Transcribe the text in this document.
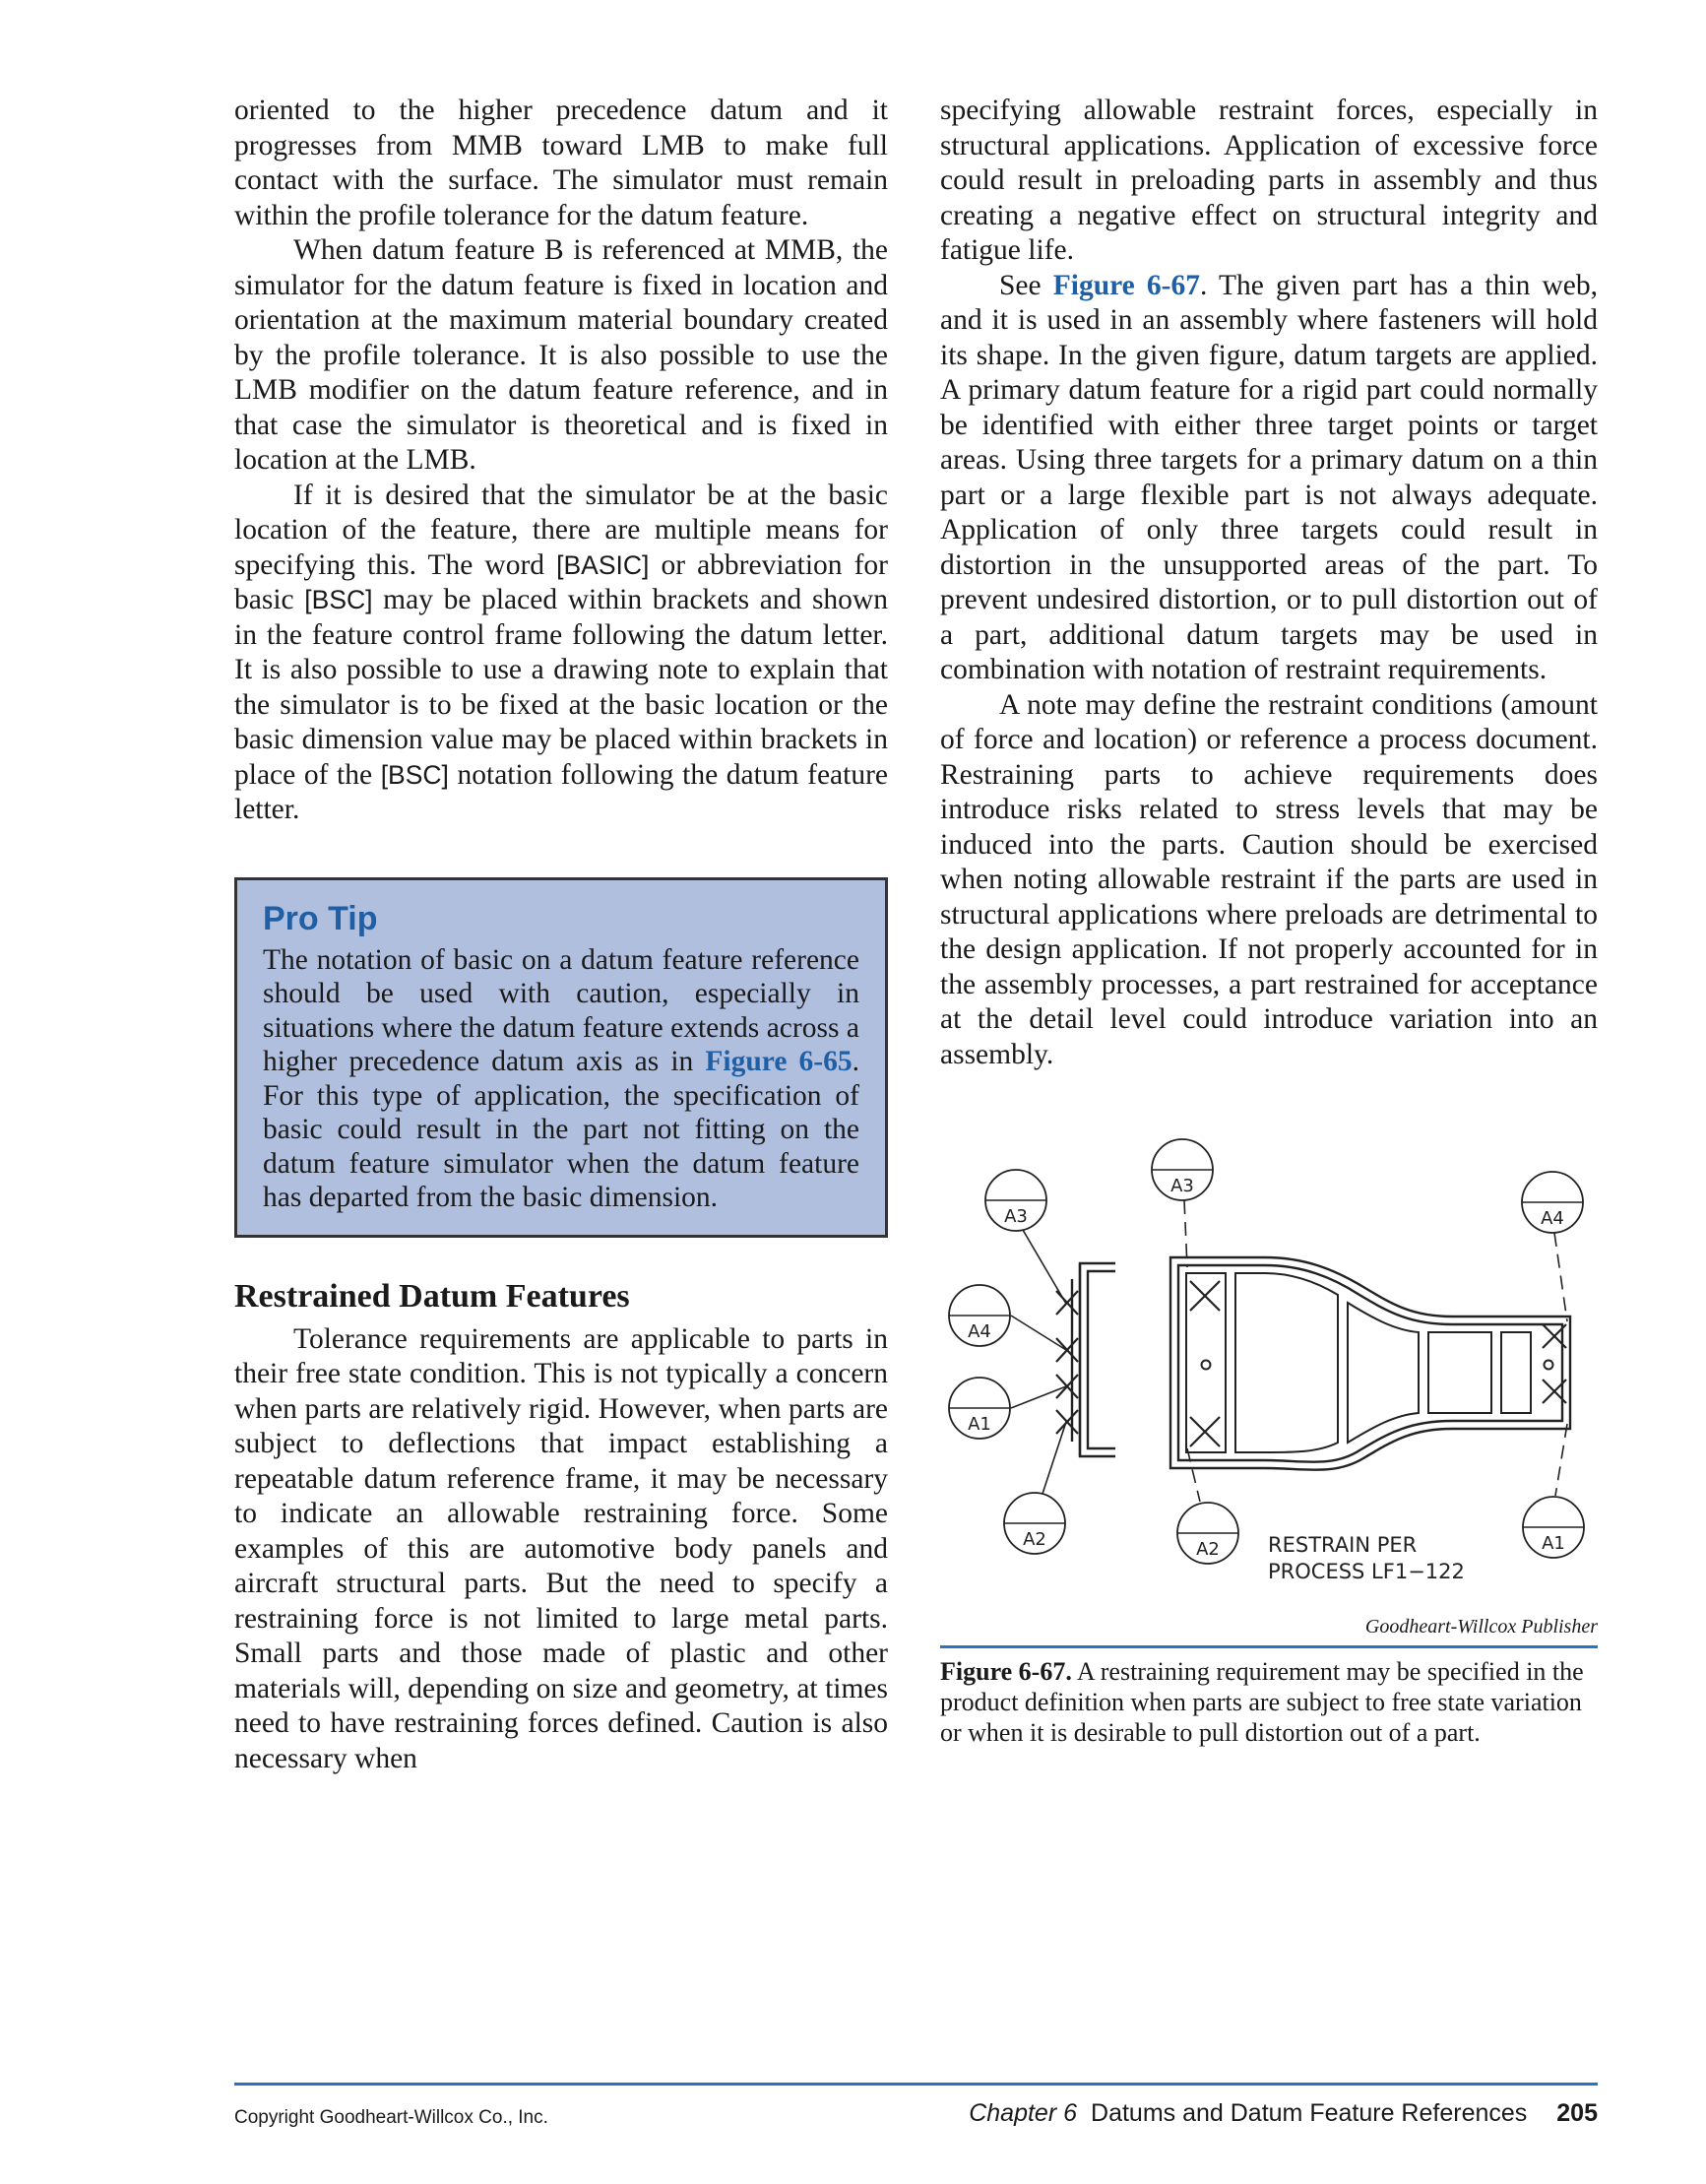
oriented to the higher precedence datum and it progresses from MMB toward LMB to make full contact with the surface. The simulator must remain within the profile tolerance for the datum feature.

When datum feature B is referenced at MMB, the simulator for the datum feature is fixed in location and orientation at the maximum material boundary created by the profile tolerance. It is also possible to use the LMB modifier on the datum feature reference, and in that case the simulator is theoretical and is fixed in location at the LMB.

If it is desired that the simulator be at the basic location of the feature, there are multiple means for specifying this. The word [BASIC] or abbreviation for basic [BSC] may be placed within brackets and shown in the feature control frame following the datum letter. It is also possible to use a drawing note to explain that the simulator is to be fixed at the basic location or the basic dimension value may be placed within brackets in place of the [BSC] notation following the datum feature letter.

Pro Tip

The notation of basic on a datum feature reference should be used with caution, especially in situations where the datum feature extends across a higher precedence datum axis as in Figure 6-65. For this type of application, the specification of basic could result in the part not fitting on the datum feature simulator when the datum feature has departed from the basic dimension.

Restrained Datum Features

Tolerance requirements are applicable to parts in their free state condition. This is not typically a concern when parts are relatively rigid. However, when parts are subject to deflections that impact establishing a repeatable datum reference frame, it may be necessary to indicate an allowable restraining force. Some examples of this are automotive body panels and aircraft structural parts. But the need to specify a restraining force is not limited to large metal parts. Small parts and those made of plastic and other materials will, depending on size and geometry, at times need to have restraining forces defined. Caution is also necessary when

specifying allowable restraint forces, especially in structural applications. Application of excessive force could result in preloading parts in assembly and thus creating a negative effect on structural integrity and fatigue life.

See Figure 6-67. The given part has a thin web, and it is used in an assembly where fasteners will hold its shape. In the given figure, datum targets are applied. A primary datum feature for a rigid part could normally be identified with either three target points or target areas. Using three targets for a primary datum on a thin part or a large flexible part is not always adequate. Application of only three targets could result in distortion in the unsupported areas of the part. To prevent undesired distortion, or to pull distortion out of a part, additional datum targets may be used in combination with notation of restraint requirements.

A note may define the restraint conditions (amount of force and location) or reference a process document. Restraining parts to achieve requirements does introduce risks related to stress levels that may be induced into the parts. Caution should be exercised when noting allowable restraint if the parts are used in structural applications where preloads are detrimental to the design application. If not properly accounted for in the assembly processes, a part restrained for acceptance at the detail level could introduce variation into an assembly.

A3
A4
A1
A2
A3
A4
A2	A1
RESTRAIN PER
PROCESS LF1−122
Goodheart-Willcox Publisher
Figure 6-67. A restraining requirement may be specified in the product definition when parts are subject to free state variation or when it is desirable to pull distortion out of a part.
Copyright Goodheart-Willcox Co., Inc.	Chapter 6 Datums and Datum Feature References 205
